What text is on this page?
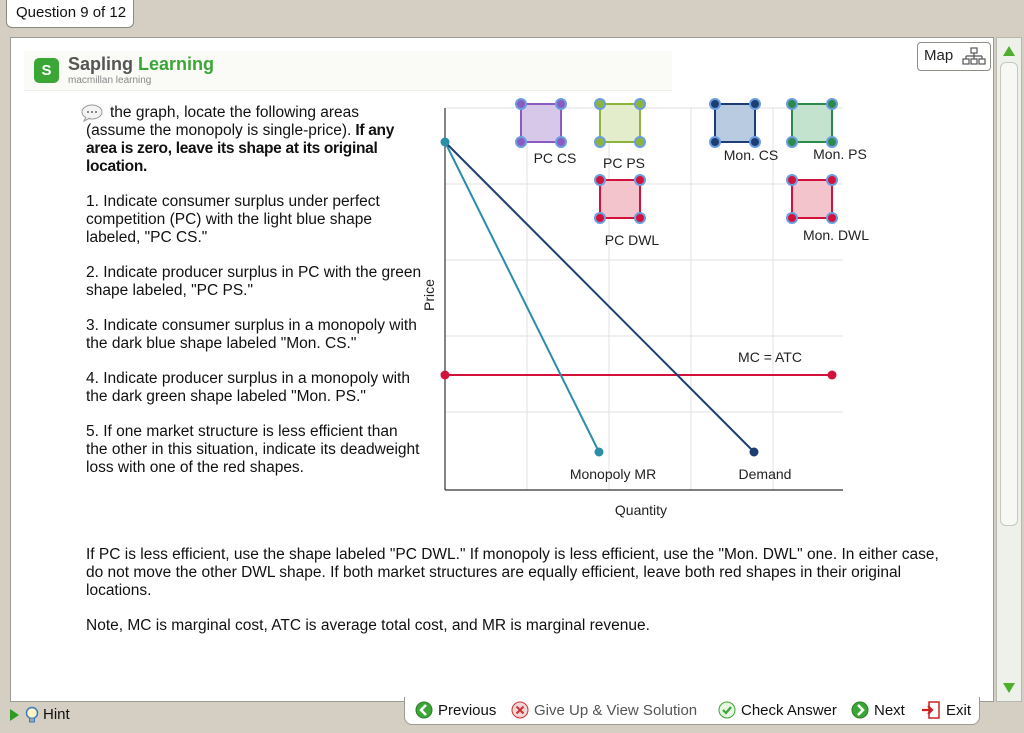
Question 9 of 12
S Sapling Learning
macmillan learning
Map

the graph, locate the following areas (assume the monopoly is single-price). If any area is zero, leave its shape at its original location.

1. Indicate consumer surplus under perfect competition (PC) with the light blue shape labeled, "PC CS."

2. Indicate producer surplus in PC with the green shape labeled, "PC PS."

3. Indicate consumer surplus in a monopoly with the dark blue shape labeled "Mon. CS."

4. Indicate producer surplus in a monopoly with the dark green shape labeled "Mon. PS."

5. If one market structure is less efficient than the other in this situation, indicate its deadweight loss with one of the red shapes.

If PC is less efficient, use the shape labeled "PC DWL." If monopoly is less efficient, use the "Mon. DWL" one. In either case, do not move the other DWL shape. If both market structures are equally efficient, leave both red shapes in their original locations.

Note, MC is marginal cost, ATC is average total cost, and MR is marginal revenue.

Price
Quantity
MC = ATC
Monopoly MR	Demand
PC CS PC PS	Mon. CS Mon. PS
PC DWL	Mon. DWL
Hint	Previous	Give Up & View Solution	Check Answer	Next	Exit
